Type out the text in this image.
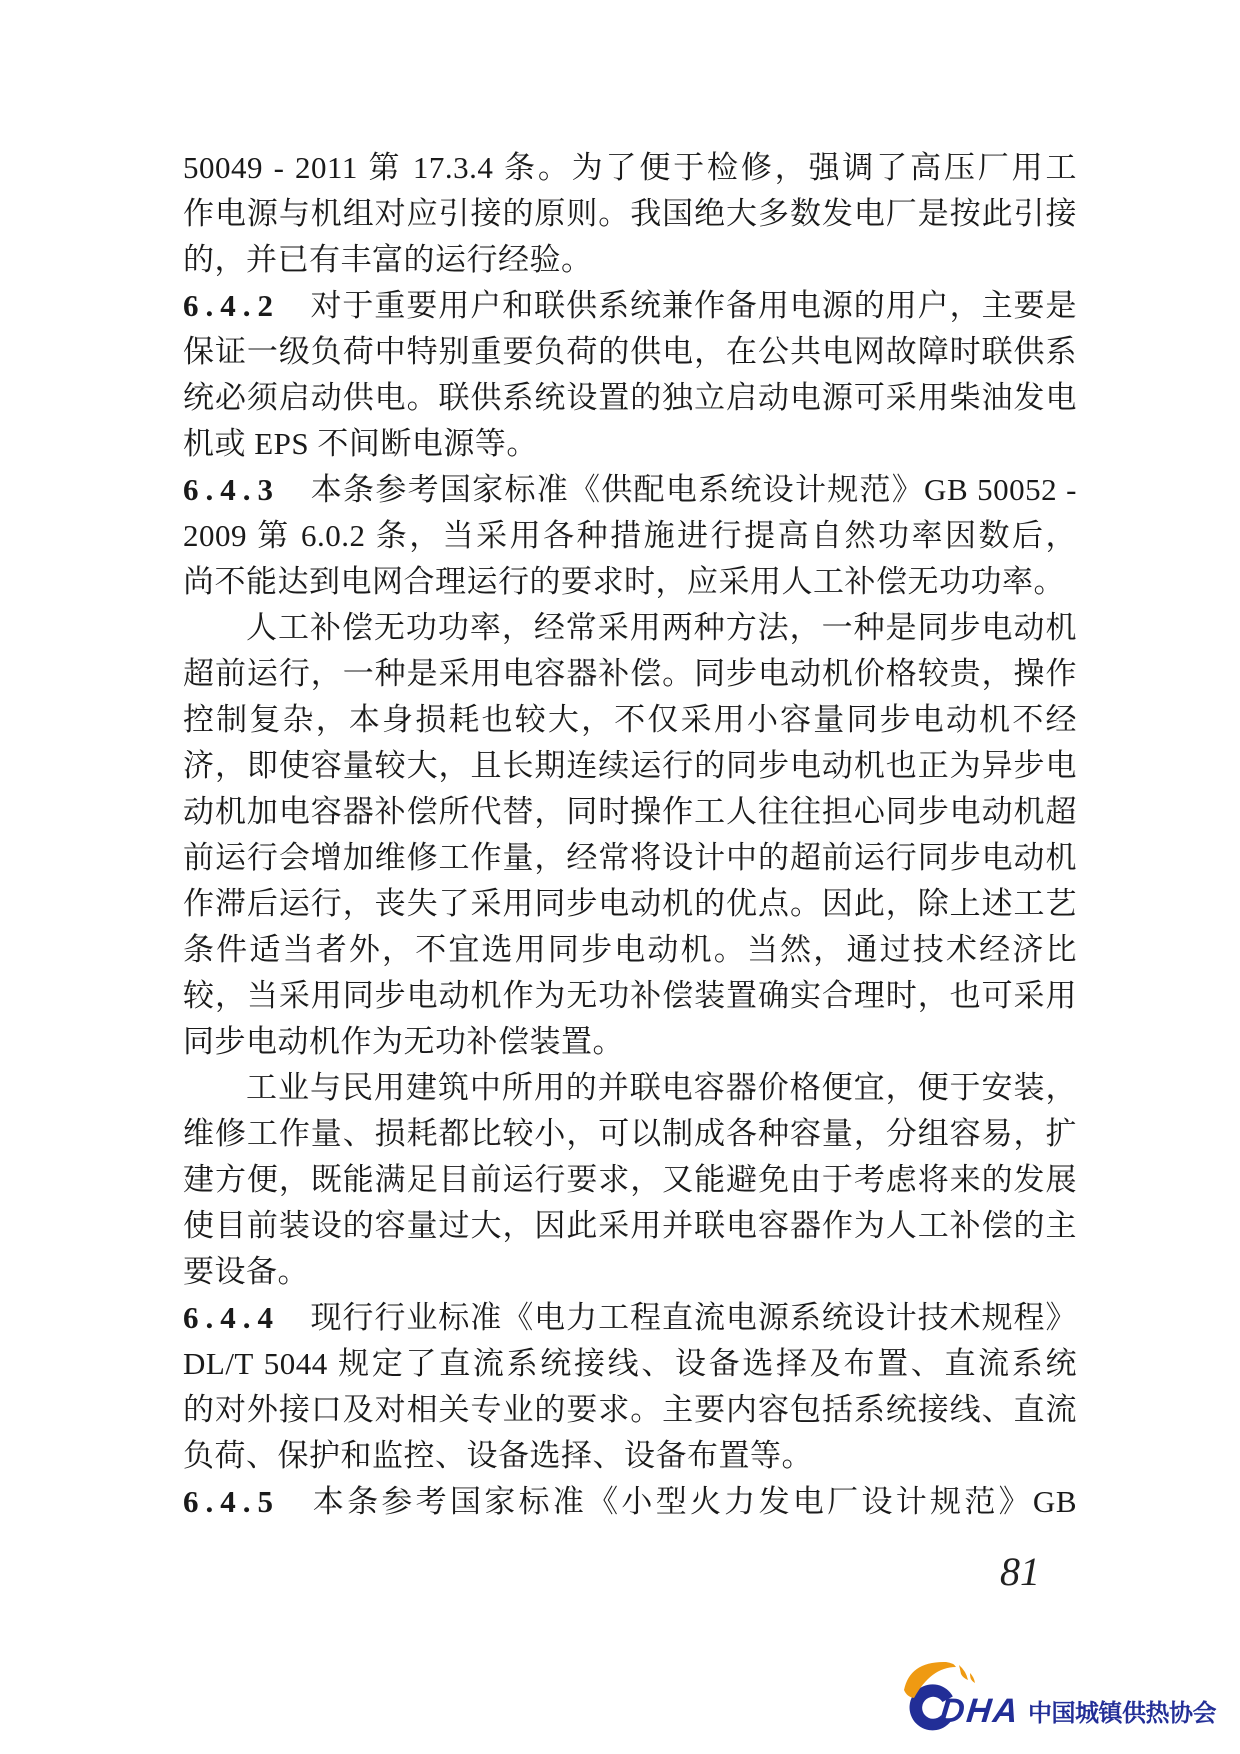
50049 - 2011 第 17.3.4 条。为了便于检修，强调了高压厂用工
作电源与机组对应引接的原则。我国绝大多数发电厂是按此引接
的，并已有丰富的运行经验。
6.4.2 对于重要用户和联供系统兼作备用电源的用户，主要是
保证一级负荷中特别重要负荷的供电，在公共电网故障时联供系
统必须启动供电。联供系统设置的独立启动电源可采用柴油发电
机或 EPS 不间断电源等。
6.4.3 本条参考国家标准《供配电系统设计规范》GB 50052 -
2009 第 6.0.2 条，当采用各种措施进行提高自然功率因数后，
尚不能达到电网合理运行的要求时，应采用人工补偿无功功率。
人工补偿无功功率，经常采用两种方法，一种是同步电动机
超前运行，一种是采用电容器补偿。同步电动机价格较贵，操作
控制复杂，本身损耗也较大，不仅采用小容量同步电动机不经
济，即使容量较大，且长期连续运行的同步电动机也正为异步电
动机加电容器补偿所代替，同时操作工人往往担心同步电动机超
前运行会增加维修工作量，经常将设计中的超前运行同步电动机
作滞后运行，丧失了采用同步电动机的优点。因此，除上述工艺
条件适当者外，不宜选用同步电动机。当然，通过技术经济比
较，当采用同步电动机作为无功补偿装置确实合理时，也可采用
同步电动机作为无功补偿装置。
工业与民用建筑中所用的并联电容器价格便宜，便于安装，
维修工作量、损耗都比较小，可以制成各种容量，分组容易，扩
建方便，既能满足目前运行要求，又能避免由于考虑将来的发展
使目前装设的容量过大，因此采用并联电容器作为人工补偿的主
要设备。
6.4.4 现行行业标准《电力工程直流电源系统设计技术规程》
DL/T 5044 规定了直流系统接线、设备选择及布置、直流系统
的对外接口及对相关专业的要求。主要内容包括系统接线、直流
负荷、保护和监控、设备选择、设备布置等。
6.4.5 本条参考国家标准《小型火力发电厂设计规范》GB
81
DHA 中国城镇供热协会
